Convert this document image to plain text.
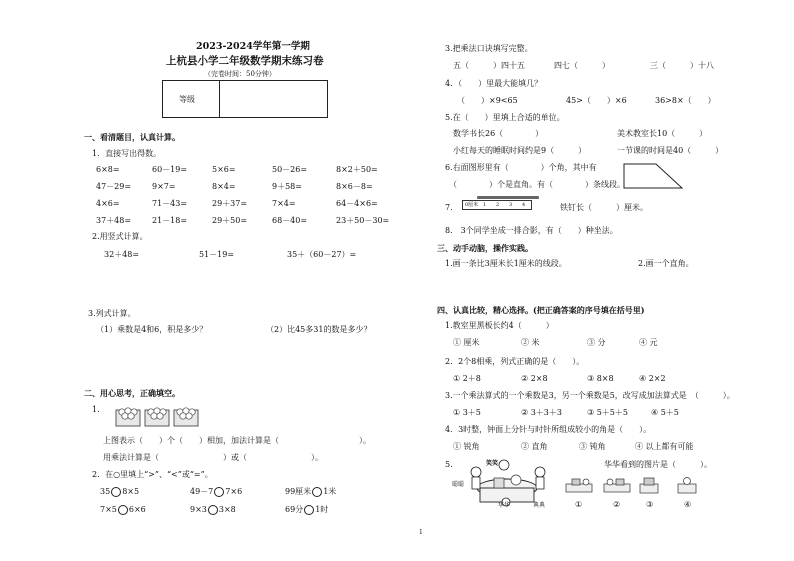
2023-2024学年第一学期
上杭县小学二年级数学期末练习卷
（完卷时间：50分钟）
等级
一、看清题目，认真计算。
1．直接写出得数。
6×8=	60－19=	5×6=	50－26=	8×2＋50=
47－29=	9×7=	8×4=	9＋58=	8×6－8=
4×6=	71－43=	29＋37=	7×4=	64－4×6=
37＋48=	21－18=	29＋50=	68－40=	23＋50－30=
2.用竖式计算。
32＋48=	51－19=	35＋（60－27）=
3.列式计算。
（1）乘数是4和6，积是多少？	（2）比45多31的数是多少？
二、用心思考，正确填空。
1.
上图表示（　　）个（　　）相加，加法计算是（　　　　　　　　　　）。
用乘法计算是（　　　　　　　　）或（　　　　　　　　）。
2．在○里填上“>”、“<”或“=”。
35 8×5	49－7 7×6	99厘米 1米
7×5 6×6	9×3 3×8	69分 1时
3.把乘法口诀填写完整。
五（　　　）四十五	四七（　　　）	三（　　　）十八
4．（　　）里最大能填几？
（　　）×9<65	45>（　　）×6	36>8×（　　）
5.在（　　）里填上合适的单位。
数学书长26（　　　　）	美术教室长10（　　　）
小红每天的睡眠时间约是9（　　　）	一节课的时间是40（　　　）
6.右面图形里有（　　　　）个角，其中有
（　　　　）个是直角。有（　　　　）条线段。
7. 0厘米 1 2 3 4	铁钉长（　　　）厘米。
8.　3个同学坐成一排合影，有（　　）种坐法。
三、动手动脑，操作实践。
1.画一条比3厘米长1厘米的线段。	2.画一个直角。
四、认真比较，精心选择。(把正确答案的序号填在括号里)
1.教室里黑板长约4（　　　）
① 厘米	② 米	③ 分	④ 元
2．2个8相乘，列式正确的是（　　）。
① 2＋8	② 2×8	③ 8×8	④ 2×2
3.一个乘法算式的一个乘数是3，另一个乘数是5，改写成加法算式是　（　　　）。
① 3＋5	② 3＋3＋3	③ 5＋5＋5	④ 5＋5
4．3时整，钟面上分针与时针所组成较小的角是（　　）。
① 锐角	② 直角	③ 钝角	④ 以上都有可能
5.
聪聪
笑笑
华华	典典
华华看到的图片是（　　　）。
①	②	③	④
1
